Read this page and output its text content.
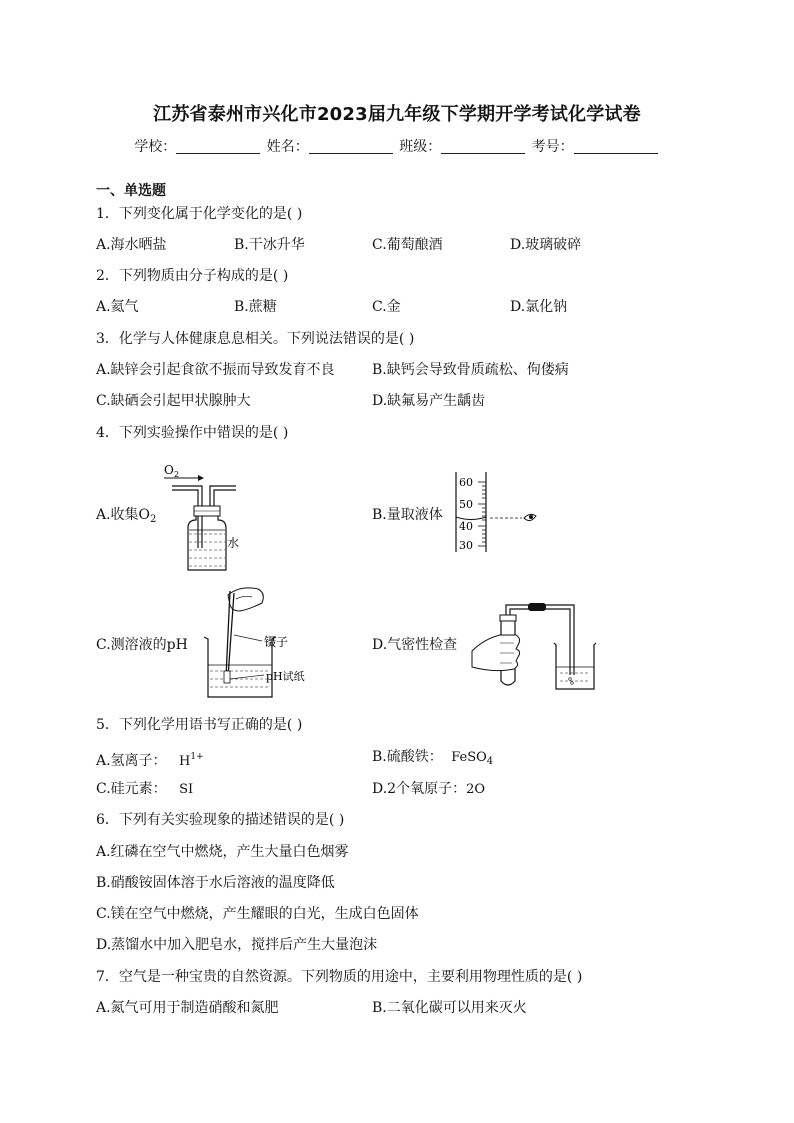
江苏省泰州市兴化市2023届九年级下学期开学考试化学试卷
学校：	姓名：	班级：	考号：
一、单选题
1．下列变化属于化学变化的是( )
A.海水晒盐	B.干冰升华	C.葡萄酿酒	D.玻璃破碎
2．下列物质由分子构成的是( )
A.氦气	B.蔗糖	C.金	D.氯化钠
3．化学与人体健康息息相关。下列说法错误的是( )
A.缺锌会引起食欲不振而导致发育不良	B.缺钙会导致骨质疏松、佝偻病
C.缺硒会引起甲状腺肿大	D.缺氟易产生龋齿
4．下列实验操作中错误的是( )
A.收集$O_2$	B.量取液体
C.测溶液的pH	D.气密性检查
O 2
水
60
50
40
30
镊子
pH试纸
5．下列化学用语书写正确的是( )
A.氢离子： $H^{1+}$	B.硫酸铁： FeSO$_4$
C.硅元素： SI	D.2个氧原子：2O
6．下列有关实验现象的描述错误的是( )
A.红磷在空气中燃烧，产生大量白色烟雾
B.硝酸铵固体溶于水后溶液的温度降低
C.镁在空气中燃烧，产生耀眼的白光，生成白色固体
D.蒸馏水中加入肥皂水，搅拌后产生大量泡沫
7．空气是一种宝贵的自然资源。下列物质的用途中，主要利用物理性质的是( )
A.氮气可用于制造硝酸和氮肥	B.二氧化碳可以用来灭火
